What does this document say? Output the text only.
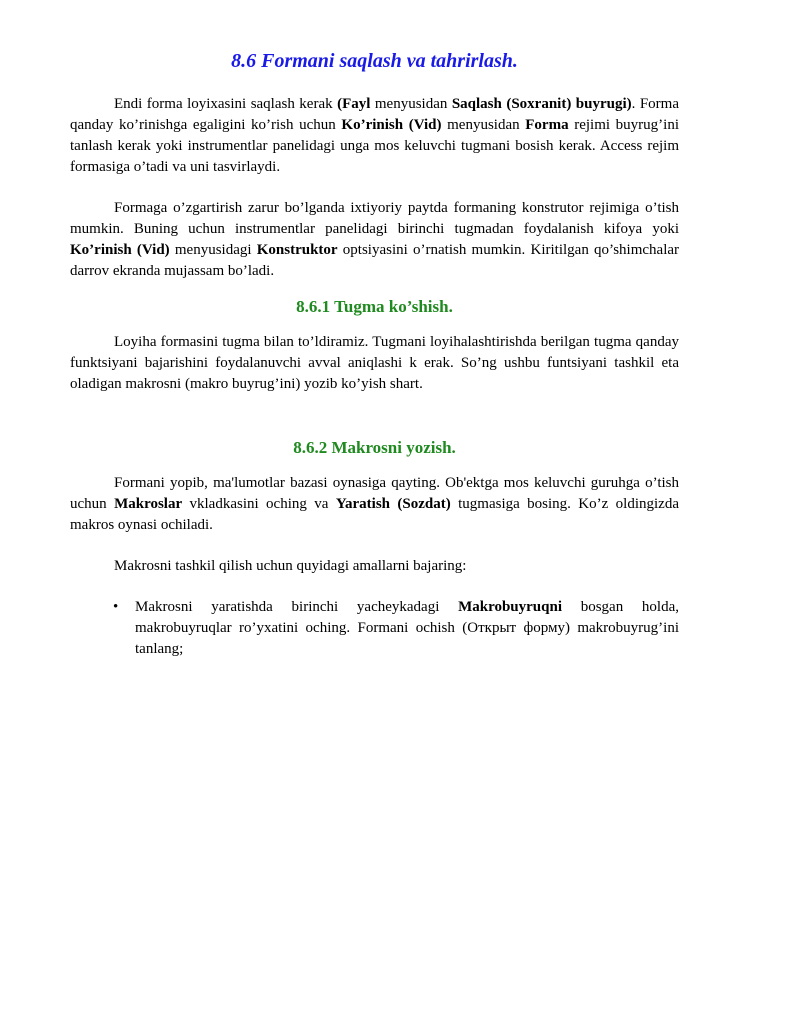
8.6 Formani saqlash va tahrirlash.

Endi forma loyixasini saqlash kerak (Fayl menyusidan Saqlash (Soxranit) buyrugi). Forma qanday ko’rinishga egaligini ko’rish uchun Ko’rinish (Vid) menyusidan Forma rejimi buyrug’ini tanlash kerak yoki instrumentlar panelidagi unga mos keluvchi tugmani bosish kerak. Access rejim formasiga o’tadi va uni tasvirlaydi.

Formaga o’zgartirish zarur bo’lganda ixtiyoriy paytda formaning konstrutor rejimiga o’tish mumkin. Buning uchun instrumentlar panelidagi birinchi tugmadan foydalanish kifoya yoki Ko’rinish (Vid) menyusidagi Konstruktor optsiyasini o’rnatish mumkin. Kiritilgan qo’shimchalar darrov ekranda mujassam bo’ladi.

8.6.1 Tugma ko’shish.

Loyiha formasini tugma bilan to’ldiramiz. Tugmani loyihalashtirishda berilgan tugma qanday funktsiyani bajarishini foydalanuvchi avval aniqlashi k erak. So’ng ushbu funtsiyani tashkil eta oladigan makrosni (makro buyrug’ini) yozib ko’yish shart.

8.6.2 Makrosni yozish.

Formani yopib, ma'lumotlar bazasi oynasiga qayting. Ob'ektga mos keluvchi guruhga o’tish uchun Makroslar vkladkasini oching va Yaratish (Sozdat) tugmasiga bosing. Ko’z oldingizda makros oynasi ochiladi.

Makrosni tashkil qilish uchun quyidagi amallarni bajaring:

• Makrosni yaratishda birinchi yacheykadagi Makrobuyruqni bosgan holda, makrobuyruqlar ro’yxatini oching. Formani ochish (Открыт форму) makrobuyrug’ini tanlang;
